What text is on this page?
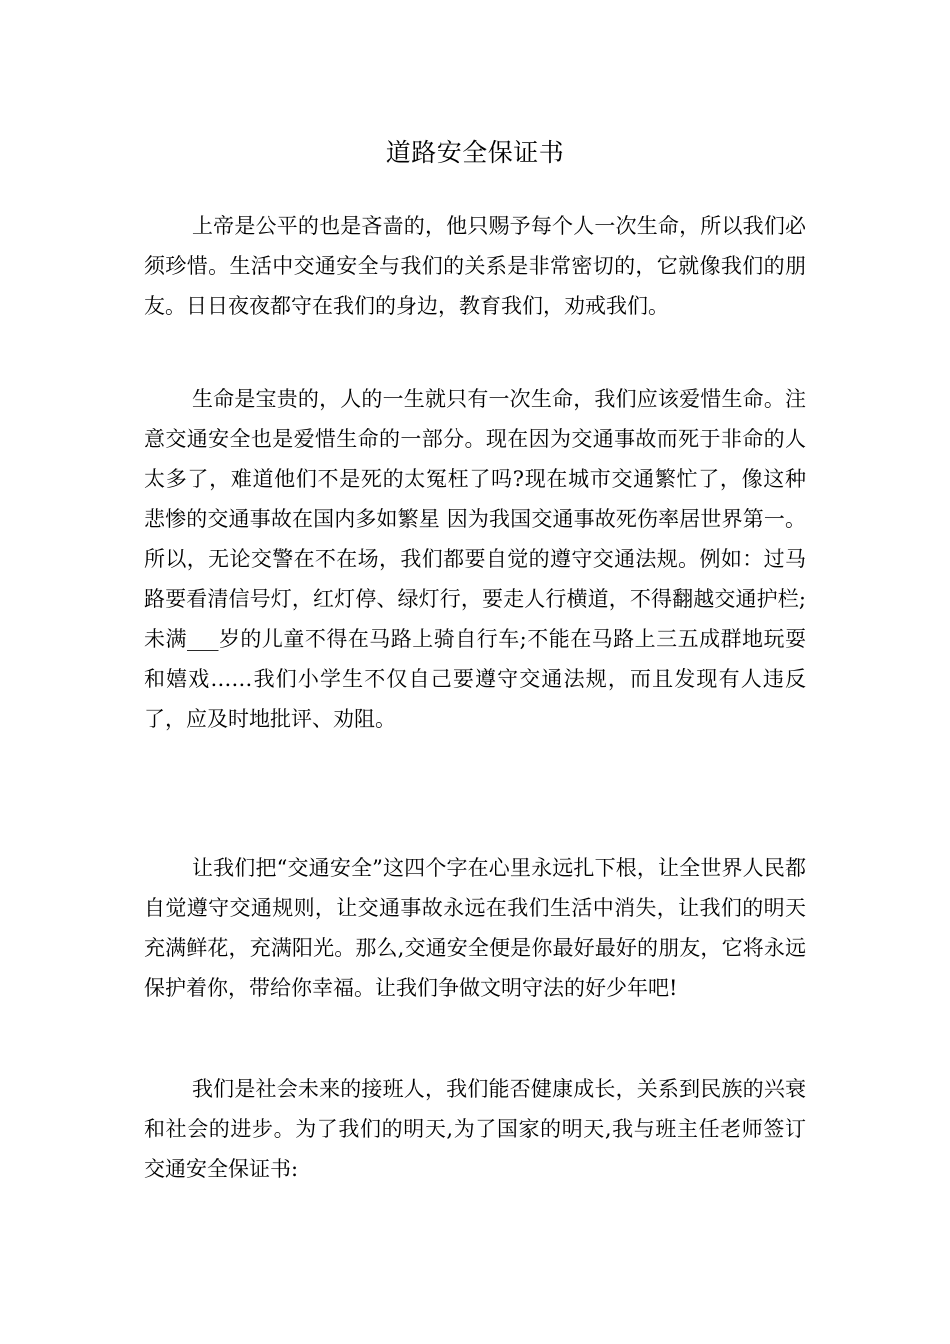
道路安全保证书

上帝是公平的也是吝啬的，他只赐予每个人一次生命，所以我们必须珍惜。生活中交通安全与我们的关系是非常密切的，它就像我们的朋友。日日夜夜都守在我们的身边，教育我们，劝戒我们。

生命是宝贵的，人的一生就只有一次生命，我们应该爱惜生命。注意交通安全也是爱惜生命的一部分。现在因为交通事故而死于非命的人太多了，难道他们不是死的太冤枉了吗?现在城市交通繁忙了，像这种悲惨的交通事故在国内多如繁星 因为我国交通事故死伤率居世界第一。所以，无论交警在不在场，我们都要自觉的遵守交通法规。例如：过马路要看清信号灯，红灯停、绿灯行，要走人行横道，不得翻越交通护栏;未满___岁的儿童不得在马路上骑自行车;不能在马路上三五成群地玩耍和嬉戏……我们小学生不仅自己要遵守交通法规，而且发现有人违反了，应及时地批评、劝阻。

让我们把“交通安全”这四个字在心里永远扎下根，让全世界人民都自觉遵守交通规则，让交通事故永远在我们生活中消失，让我们的明天充满鲜花，充满阳光。那么,交通安全便是你最好最好的朋友，它将永远保护着你，带给你幸福。让我们争做文明守法的好少年吧!

我们是社会未来的接班人，我们能否健康成长，关系到民族的兴衰和社会的进步。为了我们的明天,为了国家的明天,我与班主任老师签订交通安全保证书:
